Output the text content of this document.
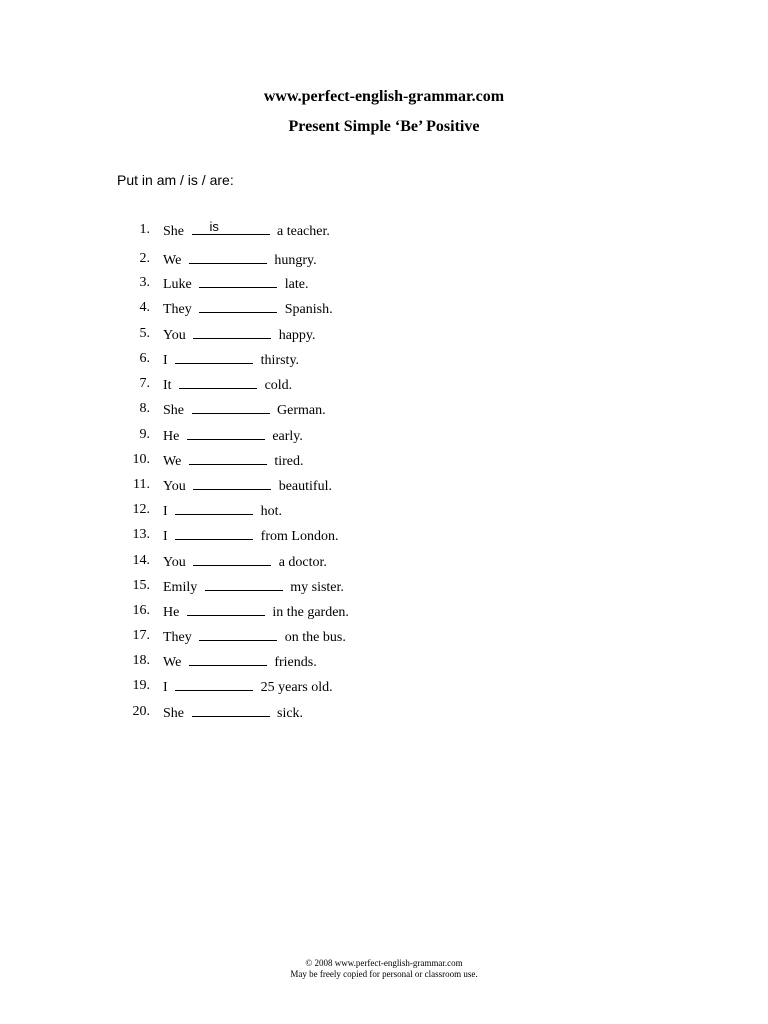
www.perfect-english-grammar.com
Present Simple ‘Be’ Positive
Put in am / is / are:
1. She is	a teacher.
2. We	hungry.
3. Luke	late.
4. They	Spanish.
5. You	happy.
6. I	thirsty.
7. It	cold.
8. She	German.
9. He	early.
10. We	tired.
11. You	beautiful.
12. I	hot.
13. I	from London.
14. You	a doctor.
15. Emily	my sister.
16. He	in the garden.
17. They	on the bus.
18. We	friends.
19. I	25 years old.
20. She	sick.
© 2008 www.perfect-english-grammar.com
May be freely copied for personal or classroom use.
